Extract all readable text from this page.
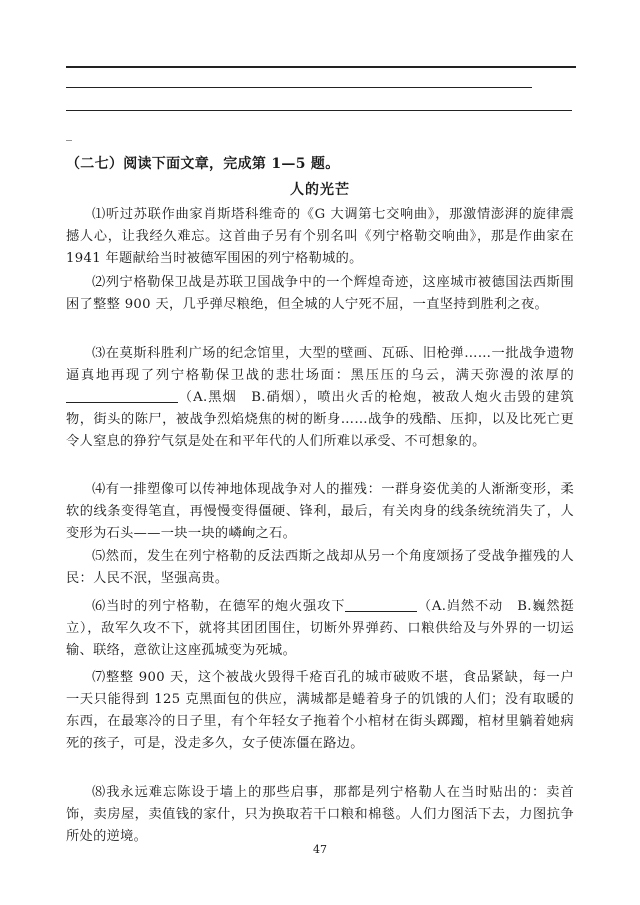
_
（二七）阅读下面文章，完成第 1—5 题。
人的光芒
⑴听过苏联作曲家肖斯塔科维奇的《G 大调第七交响曲》，那激情澎湃的旋律震撼人心，让我经久难忘。这首曲子另有个别名叫《列宁格勒交响曲》，那是作曲家在 1941 年题献给当时被德军围困的列宁格勒城的。
⑵列宁格勒保卫战是苏联卫国战争中的一个辉煌奇迹，这座城市被德国法西斯围困了整整 900 天，几乎弹尽粮绝，但全城的人宁死不屈，一直坚持到胜利之夜。
⑶在莫斯科胜利广场的纪念馆里，大型的壁画、瓦砾、旧枪弹……一批战争遗物逼真地再现了列宁格勒保卫战的悲壮场面：黑压压的乌云，满天弥漫的浓厚的（A.黑烟　B.硝烟），喷出火舌的枪炮，被敌人炮火击毁的建筑物，街头的陈尸，被战争烈焰烧焦的树的断身……战争的残酷、压抑，以及比死亡更令人窒息的狰狞气氛是处在和平年代的人们所难以承受、不可想象的。
⑷有一排塑像可以传神地体现战争对人的摧残：一群身姿优美的人渐渐变形，柔软的线条变得笔直，再慢慢变得僵硬、锋利，最后，有关肉身的线条统统消失了，人变形为石头——一块一块的嶙峋之石。
⑸然而，发生在列宁格勒的反法西斯之战却从另一个角度颂扬了受战争摧残的人民：人民不泯，坚强高贵。
⑹当时的列宁格勒，在德军的炮火强攻下	（A.岿然不动　B.巍然挺立），敌军久攻不下，就将其团团围住，切断外界弹药、口粮供给及与外界的一切运输、联络，意欲让这座孤城变为死城。
⑺整整 900 天，这个被战火毁得千疮百孔的城市破败不堪，食品紧缺，每一户一天只能得到 125 克黑面包的供应，满城都是蜷着身子的饥饿的人们；没有取暖的东西，在最寒冷的日子里，有个年轻女子拖着个小棺材在街头踯躅，棺材里躺着她病死的孩子，可是，没走多久，女子使冻僵在路边。
⑻我永远难忘陈设于墙上的那些启事，那都是列宁格勒人在当时贴出的：卖首饰，卖房屋，卖值钱的家什，只为换取若干口粮和棉毯。人们力图活下去，力图抗争所处的逆境。
47
